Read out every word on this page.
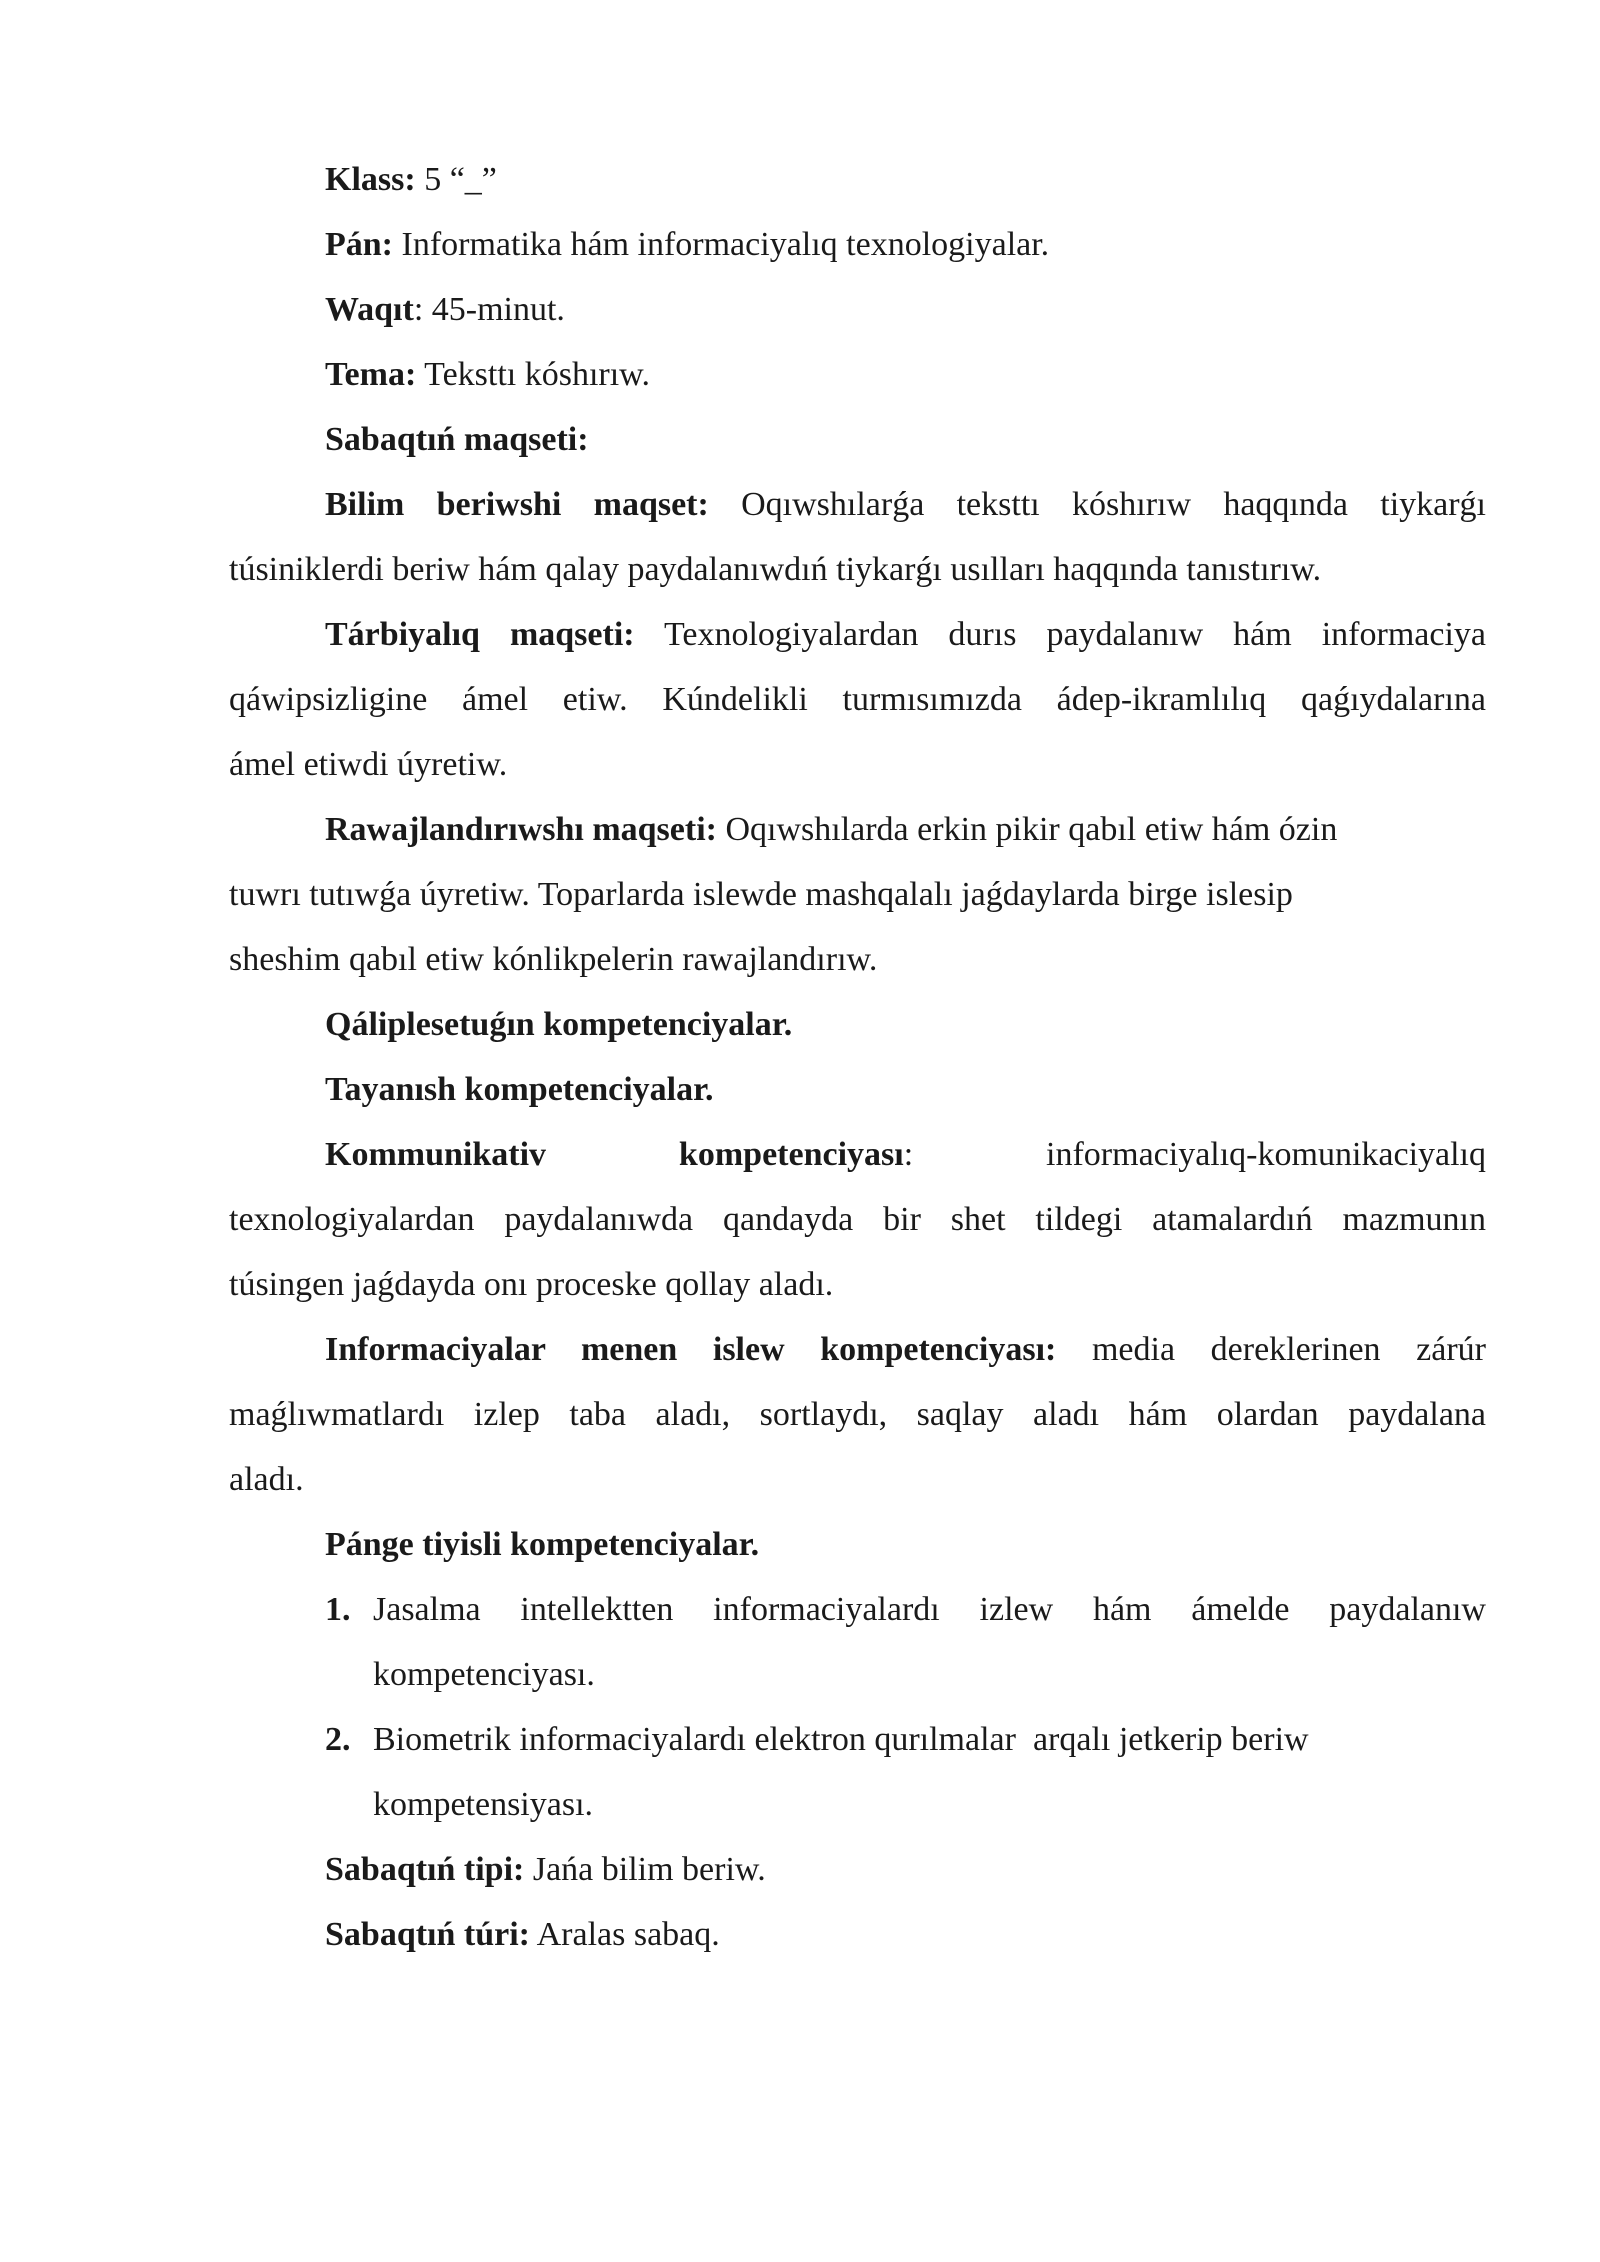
Klass: 5 “_”
Pán: Informatika hám informaciyalıq texnologiyalar.
Waqıt: 45-minut.
Tema: Teksttı kóshırıw.
Sabaqtıń maqseti:
Bilim beriwshi maqset: Oqıwshılarǵa teksttı kóshırıw haqqında tiykarǵı
túsiniklerdi beriw hám qalay paydalanıwdıń tiykarǵı usılları haqqında tanıstırıw.
Tárbiyalıq maqseti: Texnologiyalardan durıs paydalanıw hám informaciya
qáwipsizligine ámel etiw. Kúndelikli turmısımızda ádep-ikramlılıq qaǵıydalarına
ámel etiwdi úyretiw.
Rawajlandırıwshı maqseti: Oqıwshılarda erkin pikir qabıl etiw hám ózin
tuwrı tutıwǵa úyretiw. Toparlarda islewde mashqalalı jaǵdaylarda birge islesip
sheshim qabıl etiw kónlikpelerin rawajlandırıw.
Qáliplesetuǵın kompetenciyalar.
Tayanısh kompetenciyalar.
Kommunikativ	kompetenciyası:	informaciyalıq-komunikaciyalıq
texnologiyalardan paydalanıwda qandayda bir shet tildegi atamalardıń mazmunın
túsingen jaǵdayda onı proceske qollay aladı.
Informaciyalar menen islew kompetenciyası: media dereklerinen zárúr
maǵlıwmatlardı izlep taba aladı, sortlaydı, saqlay aladı hám olardan paydalana
aladı.
Pánge tiyisli kompetenciyalar.
1. Jasalma intellektten informaciyalardı izlew hám ámelde paydalanıw
kompetenciyası.
2. Biometrik informaciyalardı elektron qurılmalar  arqalı jetkerip beriw
kompetensiyası.
Sabaqtıń tipi: Jańa bilim beriw.
Sabaqtıń túri: Aralas sabaq.
